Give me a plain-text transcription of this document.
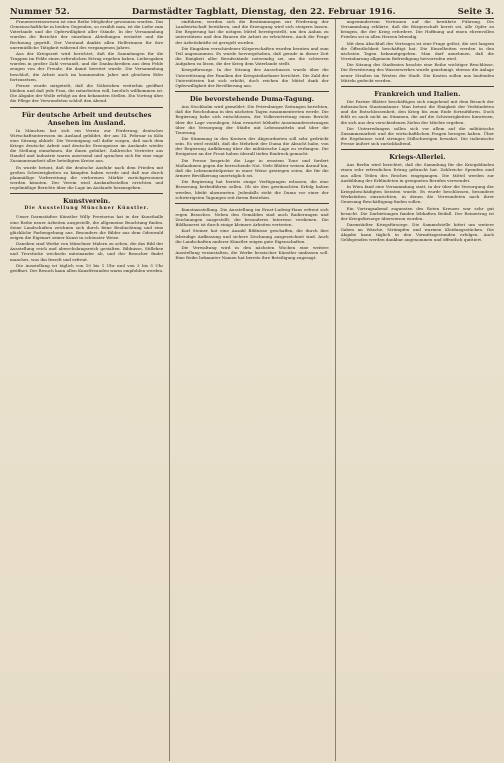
Nummer 52.	Darmstädter Tagblatt, Dienstag, den 22. Februar 1916.	Seite 3.

Frauenvereinswesen ist eine Reihe Mitglieder gewonnen worden. Das Gemeinschaftliche in beiden Gegenden, so erzählt man, ist die Liebe zum Vaterlande und die Opferwilligkeit aller Stände. In der Versammlung wurden die Berichte der einzelnen Abteilungen erstattet und die Rechnung geprüft. Der Vorstand dankte allen Helferinnen für ihre unermüdliche Tätigkeit während des vergangenen Jahres.

Aus der Kriegszeit wird berichtet, daß die Sammlungen für die Truppen im Felde einen erfreulichen Ertrag ergeben haben. Liebesgaben wurden in großer Zahl versandt, und die Dankschreiben aus dem Felde zeugen von der Freude, die damit bereitet wurde. Die Versammlung beschloß, die Arbeit auch im kommenden Jahre mit gleichem Eifer fortzusetzen.

Ferner wurde mitgeteilt, daß die Nähstuben weiterhin geöffnet bleiben und daß jede Frau, die mitarbeiten will, herzlich willkommen ist. Die Abgabe der Wolle erfolgt an den bekannten Stellen. Ein Vortrag über die Pflege der Verwundeten schloß den Abend.

Für deutsche Arbeit und deutsches Ansehen im Ausland.

In München hat sich ein Verein zur Förderung deutscher Wirtschaftsinteressen im Ausland gebildet, der am 14. Februar in Köln eine Sitzung abhielt. Die Vereinigung soll dafür sorgen, daß nach dem Kriege deutsche Arbeit und deutsche Erzeugnisse im Auslande wieder die Stellung einnehmen, die ihnen gebührt. Zahlreiche Vertreter aus Handel und Industrie waren anwesend und sprachen sich für eine enge Zusammenarbeit aller beteiligten Kreise aus.

Es wurde betont, daß die deutsche Ausfuhr nach dem Frieden mit großen Schwierigkeiten zu kämpfen haben werde und daß nur durch planmäßige Vorbereitung die verlorenen Märkte zurückgewonnen werden könnten. Der Verein wird Auskunftsstellen errichten und regelmäßige Berichte über die Lage im Auslande herausgeben.

Kunstverein.
Die Ausstellung Münchner Künstler.

Unser Darmstädter Künstler Willy Preetorius hat in der Kunsthalle eine Reihe neuer Arbeiten ausgestellt, die allgemeine Beachtung finden. Seine Landschaften zeichnen sich durch feine Beobachtung und eine glückliche Farbengebung aus. Besonders die Bilder aus dem Odenwald zeigen die Eigenart seiner Kunst in schönster Weise.

Daneben sind Werke von Münchner Malern zu sehen, die das Bild der Ausstellung reich und abwechslungsreich gestalten. Bildnisse, Stilleben und Tierstücke wechseln miteinander ab, und der Besucher findet manches, was ihn fesselt und erfreut.

Die Ausstellung ist täglich von 10 bis 1 Uhr und von 3 bis 5 Uhr geöffnet. Der Besuch kann allen Kunstfreunden warm empfohlen werden.

einführen, werden sich die Bestimmungen zur Förderung der Landwirtschaft bewähren, und die Erzeugung wird sich steigern lassen. Die Regierung hat die nötigen Mittel bereitgestellt, um den Anbau zu unterstützen und den Bauern die Arbeit zu erleichtern. Auch die Frage der Arbeitskräfte ist geregelt worden.

Die Eingaben verschiedener Körperschaften wurden beraten und zum Teil angenommen. Es wurde hervorgehoben, daß gerade in dieser Zeit die Einigkeit aller Berufsstände notwendig sei, um die schweren Aufgaben zu lösen, die der Krieg dem Vaterlande stellt.

Kriegsfürsorge. In der Sitzung des Ausschusses wurde über die Unterstützung der Familien der Kriegsteilnehmer berichtet. Die Zahl der Unterstützten hat sich erhöht, doch reichen die Mittel dank der Opferwilligkeit der Bevölkerung aus.

Die bevorstehende Duma-Tagung.

Aus Stockholm wird gemeldet: Die Petersburger Zeitungen berichten, daß die Reichsduma in den nächsten Tagen zusammentreten werde. Die Regierung habe sich entschlossen, der Volksvertretung einen Bericht über die Lage vorzulegen. Man erwartet lebhafte Auseinandersetzungen über die Versorgung der Städte mit Lebensmitteln und über die Teuerung.

Die Stimmung in den Kreisen der Abgeordneten soll sehr gedrückt sein. Es wird erzählt, daß die Mehrheit der Duma die Absicht habe, von der Regierung Aufklärung über die militärische Lage zu verlangen. Die Ereignisse an der Front haben überall tiefen Eindruck gemacht.

Die Presse bespricht die Lage in ernstem Tone und fordert Maßnahmen gegen die herrschende Not. Viele Blätter weisen darauf hin, daß die Lebensmittelpreise in einer Weise gestiegen seien, die für die ärmere Bevölkerung unerträglich sei.

Die Regierung hat bereits einige Verfügungen erlassen, die eine Besserung herbeiführen sollen. Ob sie den gewünschten Erfolg haben werden, bleibt abzuwarten. Jedenfalls steht die Duma vor einer der schwierigsten Tagungen seit ihrem Bestehen.

Kunstausstellung. Die Ausstellung im Ernst-Ludwig-Haus erfreut sich regen Besuches. Neben den Gemälden sind auch Radierungen und Zeichnungen ausgestellt, die besonderes Interesse verdienen. Die Bildhauerei ist durch einige kleinere Arbeiten vertreten.

Karl Steiner hat eine Anzahl Bildnisse geschaffen, die durch ihre lebendige Auffassung und sichere Zeichnung ausgezeichnet sind. Auch die Landschaften anderer Künstler zeigen gute Eigenschaften.

Die Verwaltung wird in den nächsten Wochen eine weitere Ausstellung veranstalten, die Werke hessischer Künstler umfassen soll. Eine Reihe bekannter Namen hat bereits ihre Beteiligung zugesagt.

ungemindertem Vertrauen auf die bewährte Führung. Die Versammlung erklärte, daß die Bürgerschaft bereit sei, alle Opfer zu bringen, die der Krieg erfordere. Die Hoffnung auf einen ehrenvollen Frieden sei in allen Herzen lebendig.

Mit dem Abschluß des Vertrages ist eine Frage gelöst, die seit langem die Öffentlichkeit beschäftigt hat. Die Einzelheiten werden in den nächsten Tagen bekanntgegeben. Man darf annehmen, daß die Vereinbarung allgemein Befriedigung hervorrufen wird.

Die Sitzung des Stadtrates brachte eine Reihe wichtiger Beschlüsse. Die Erweiterung des Wasserwerkes wurde genehmigt, ebenso die Anlage neuer Straßen im Westen der Stadt. Die Kosten sollen aus laufenden Mitteln gedeckt werden.

Frankreich und Italien.

Die Pariser Blätter beschäftigen sich eingehend mit dem Besuch der italienischen Staatsmänner. Man betont die Einigkeit der Verbündeten und die Entschlossenheit, den Krieg bis zum Ende fortzuführen. Doch fehlt es auch nicht an Stimmen, die auf die Schwierigkeiten hinweisen, die sich aus den verschiedenen Zielen der Mächte ergeben.

Die Unterredungen sollen sich vor allem auf die militärische Zusammenarbeit und die wirtschaftlichen Fragen bezogen haben. Über die Ergebnisse wird strenges Stillschweigen bewahrt. Die italienische Presse äußert sich zurückhaltend.

Kriegs-Allerlei.

Aus Berlin wird berichtet, daß die Sammlung für die Kriegsblinden einen sehr erfreulichen Ertrag gebracht hat. Zahlreiche Spenden sind aus allen Teilen des Reiches eingegangen. Die Mittel werden zur Ausbildung der Erblindeten in geeigneten Berufen verwendet.

In Wien fand eine Versammlung statt, in der über die Versorgung der Kriegsbeschädigten beraten wurde. Es wurde beschlossen, besondere Werkstätten einzurichten, in denen die Verwundeten nach ihrer Genesung Beschäftigung finden sollen.

Ein Vortragsabend zugunsten des Roten Kreuzes war sehr gut besucht. Die Darbietungen fanden lebhaften Beifall. Der Reinertrag ist der Kriegsfürsorge überwiesen worden.

Darmstädter Kriegsfürsorge. Die Sammelstelle bittet um weitere Gaben an Wäsche, Strümpfen und warmen Kleidungsstücken. Die Abgabe kann täglich in den Vormittagsstunden erfolgen. Auch Geldspenden werden dankbar angenommen und öffentlich quittiert.
